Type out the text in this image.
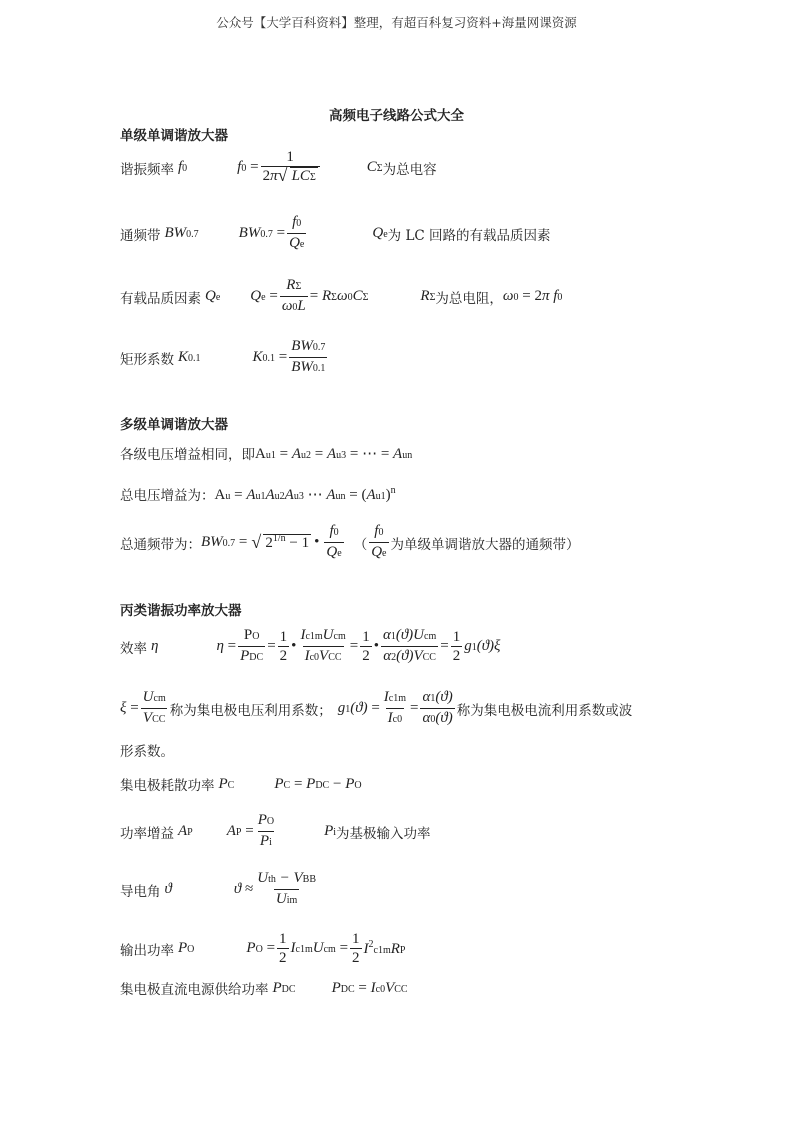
公众号【大学百科资料】整理，有超百科复习资料+海量网课资源
高频电子线路公式大全
单级单调谐放大器
谐振频率 f0	$f0 = \frac{1}{\text{2π √ LCΣ}}$	CΣ 为总电容
通频带 BW0.7	$BW0.7 = \frac{f0}{Qe}$	Qe 为 LC 回路的有载品质因素
有载品质因素 Qe $Qe = \frac{R\Sigma}{\omega 0L} = R\Sigma\omega 0C\Sigma$	RΣ 为总电阻， ω0 = 2π f0
矩形系数 K0.1	$K0.1 = \frac{BW0.7}{BW0.1}$
多级单调谐放大器
各级电压增益相同，即 Au1 = Au2 = Au3 = ⋯ = Aun
总电压增益为： Au = Au1Au2Au3 ⋯ Aun = $(Au1)^n$
总通频带为： BW0.7 =	√ $2^{1/n} - 1$ • $\frac{f0}{Qe}$ （ $\frac{f0}{Qe}$ 为单级单调谐放大器的通频带）
丙类谐振功率放大器
效率 η	$\eta = \frac{PO}{\text{PDC}} = \frac{1}{2}$ • $\frac{\text{Ic1mUcm}}{\text{Ic0VCC}} = \frac{1}{2}$ • $\frac{\text{α1(ϑ)Ucm}}{\text{α2(ϑ)VCC}} = \frac{1}{2} g1(ϑ)\xi$
$\xi = \frac{\text{Ucm}}{\text{VCC}}$ 称为集电极电压利用系数； $g1(ϑ) = \frac{Ic1m}{Ic0} = \frac{\alpha 1(ϑ)}{\alpha 0(ϑ)}$ 称为集电极电流利用系数或波
形系数。
集电极耗散功率 PC	PC = PDC − PO
功率增益 AP AP = $\frac{PO}{Pi}$	Pi 为基极输入功率
导电角 ϑ	$ϑ \approx \frac{\text{Uth − VBB}}{\text{Uim}}$
输出功率 PO	PO = $\frac{1}{2}$ Ic1mUcm = $\frac{1}{2} I^2c1mRP$
集电极直流电源供给功率 PDC PDC = Ic0VCC
